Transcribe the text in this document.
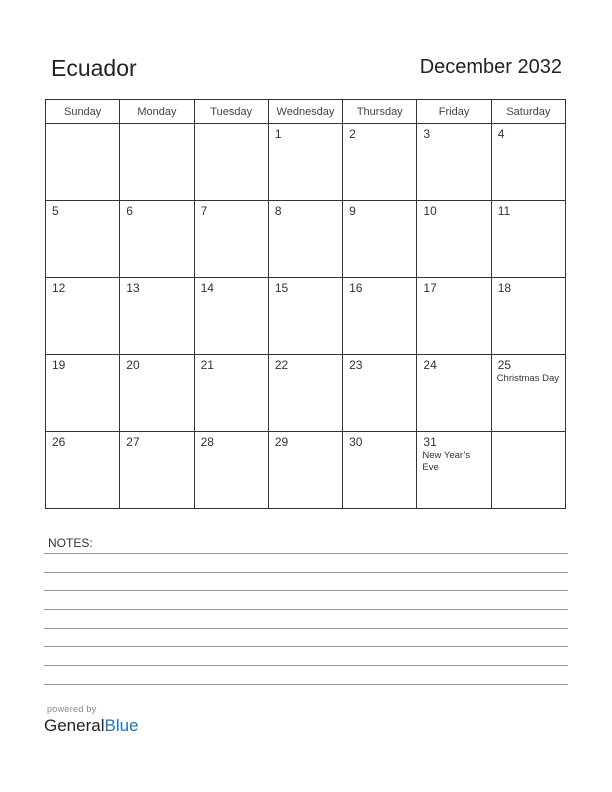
Ecuador	December 2032
Sunday	Monday	Tuesday	Wednesday	Thursday	Friday	Saturday

			1	2	3	4

5	6	7	8	9	10	11

12	13	14	15	16	17	18

19	20	21	22	23	24	25
Christmas Day

26	27	28	29	30	31
New Year’s Eve	

NOTES:
powered by
GeneralBlue
